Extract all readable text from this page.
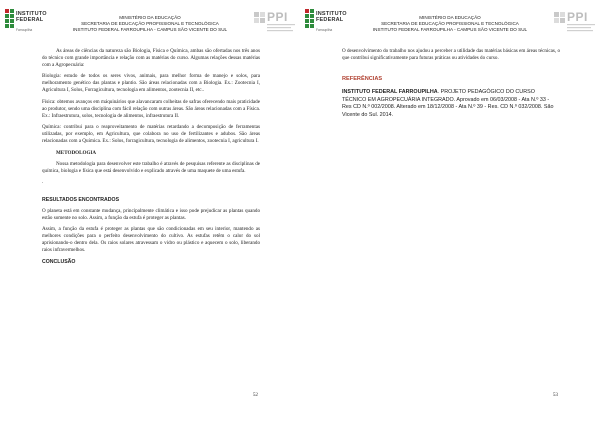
INSTITUTO
FEDERAL
Farroupilha
MINISTÉRIO DA EDUCAÇÃO
SECRETARIA DE EDUCAÇÃO PROFISSIONAL E TECNOLÓGICA
INSTITUTO FEDERAL FARROUPILHA - CAMPUS SÃO VICENTE DO SUL
PPI

As áreas de ciências da natureza são Biologia, Física e Química, ambas são ofertadas nos três anos do técnico com grande importância e relação com as matérias do curso. Algumas relações dessas matérias com a Agropecuária:

Biologia: estudo de todos os seres vivos, animais, para melhor forma de manejo e solos, para melhoramento genético das plantas e plantio. São áreas relacionadas com a Biologia. Ex.: Zootecnia I, Agricultura I, Solos, Forragicultura, tecnologia em alimentos, zootecnia II, etc..

Física: obtemos avanços em máquinários que alavancaram colheitas de safras oferecendo mais praticidade ao produtor, sendo uma disciplina com fácil relação com outras áreas. São áreas relacionadas com a Física. Ex.: Infraestrutura, solos, tecnologia de alimentos, infraestrutura II.

Química: contribui para o reaproveitamento de matérias retardando a decomposição de ferramentas utilizadas, por exemplo, em Agricultura, que colabora no uso de fertilizantes e adubos. São áreas relacionadas com a Química. Ex.: Solos, forragicultura, tecnologia de alimentos, zootecnia I, agricultura I.

METODOLOGIA

Nossa metodologia para desenvolver este trabalho é através de pesquisas referente as disciplinas de química, biologia e física que está desenvolvido e explicado através de uma maquete de uma estufa.

.

RESULTADOS ENCONTRADOS

O planeta está em constante mudança, principalmente climática e isso pode prejudicar as plantas quando estão somente no solo. Assim, a função da estufa é proteger as plantas.

Assim, a função da estufa é proteger as plantas que são condicionadas em seu interior, mantendo as melhores condições para o perfeito desenvolvimento do cultivo. As estufas retêm o calor do sol aprisionando-o dentro dela. Os raios solares atravessam o vidro ou plástico e aquecem o solo, liberando raios infravermelhos.

CONCLUSÃO

52
INSTITUTO
FEDERAL
Farroupilha
MINISTÉRIO DA EDUCAÇÃO
SECRETARIA DE EDUCAÇÃO PROFISSIONAL E TECNOLÓGICA
INSTITUTO FEDERAL FARROUPILHA - CAMPUS SÃO VICENTE DO SUL
PPI

O desenvolvimento do trabalho nos ajudou a perceber a utilidade das matérias básicas em áreas técnicas, o que contribui significativamente para futuras práticas ou atividades do curso.

REFERÊNCIAS

INSTITUTO FEDERAL FARROUPILHA. PROJETO PEDAGÓGICO DO CURSO TÉCNICO EM AGROPECUÁRIA INTEGRADO. Aprovado em 06/03/2008 - Ata N.º 33 - Res CD N.º 002/2008. Alterado em 18/12/2008 - Ata N.º 39 - Res. CD N.º 032/2008. São Vicente do Sul. 2014.

53
